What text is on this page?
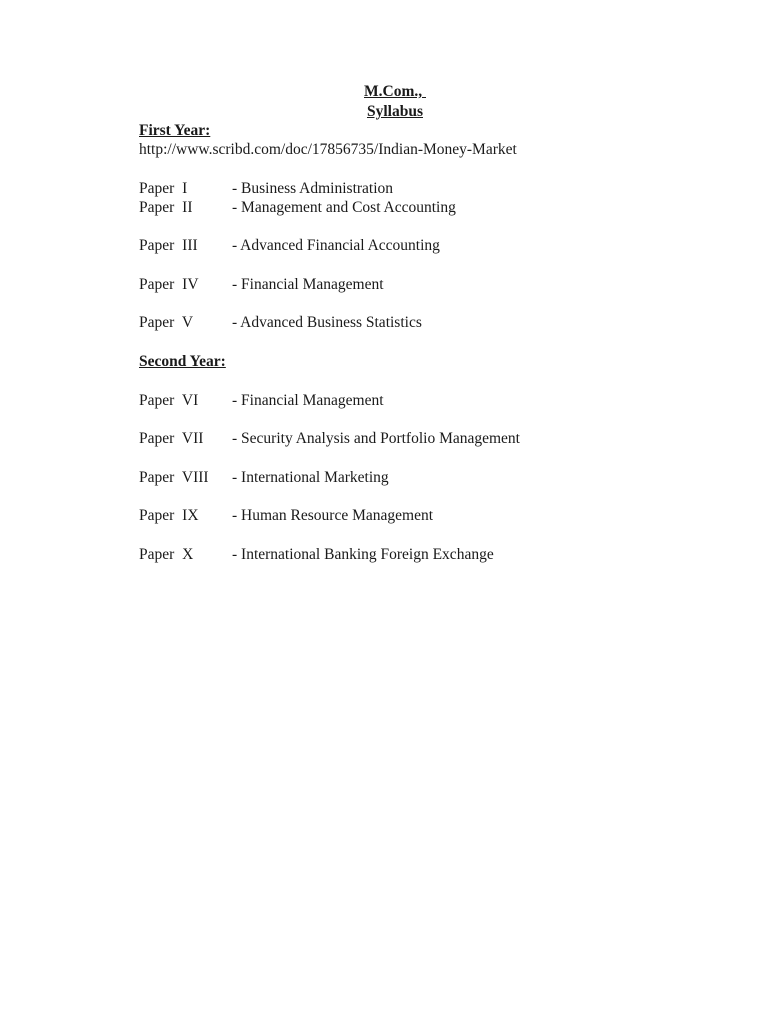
M.Com.,
Syllabus
First Year:
http://www.scribd.com/doc/17856735/Indian-Money-Market
Paper I	- Business Administration
Paper II	- Management and Cost Accounting
Paper III - Advanced Financial Accounting
Paper IV - Financial Management
Paper V	- Advanced Business Statistics
Second Year:
Paper VI - Financial Management
Paper VII - Security Analysis and Portfolio Management
Paper VIII - International Marketing
Paper IX - Human Resource Management
Paper X - International Banking Foreign Exchange
